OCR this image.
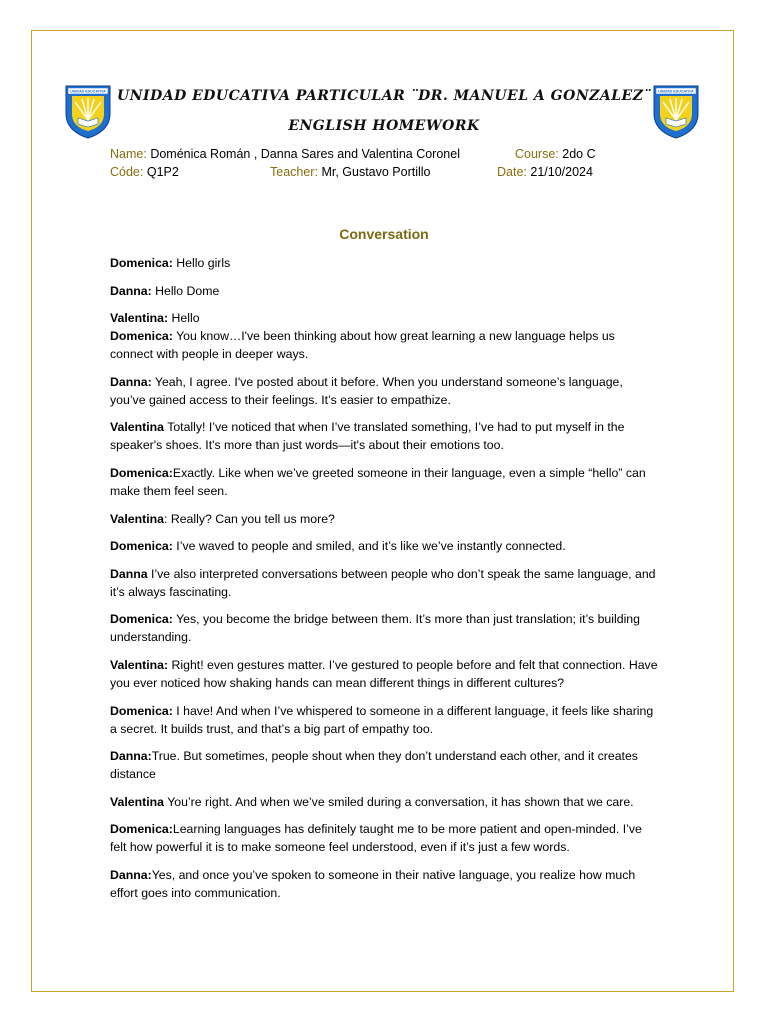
UNIDAD EDUCATIVA	UNIDAD EDUCATIVA
UNIDAD EDUCATIVA PARTICULAR ¨DR. MANUEL A GONZALEZ¨
ENGLISH HOMEWORK
Name: Doménica Román , Danna Sares and Valentina Coronel	Course: 2do C
Códe: Q1P2	Teacher: Mr, Gustavo Portillo	Date: 21/10/2024
Conversation

Domenica: Hello girls

Danna: Hello Dome

Valentina: Hello

Domenica: You know…I've been thinking about how great learning a new language helps us connect with people in deeper ways.

Danna: Yeah, I agree. I've posted about it before. When you understand someone’s language, you’ve gained access to their feelings. It’s easier to empathize.

Valentina Totally! I’ve noticed that when I’ve translated something, I’ve had to put myself in the speaker's shoes. It's more than just words—it's about their emotions too.

Domenica:Exactly. Like when we’ve greeted someone in their language, even a simple “hello” can make them feel seen.

Valentina: Really? Can you tell us more?

Domenica: I’ve waved to people and smiled, and it’s like we’ve instantly connected.

Danna I’ve also interpreted conversations between people who don’t speak the same language, and it’s always fascinating.

Domenica: Yes, you become the bridge between them. It’s more than just translation; it’s building understanding.

Valentina: Right! even gestures matter. I’ve gestured to people before and felt that connection. Have you ever noticed how shaking hands can mean different things in different cultures?

Domenica: I have! And when I’ve whispered to someone in a different language, it feels like sharing a secret. It builds trust, and that’s a big part of empathy too.

Danna:True. But sometimes, people shout when they don’t understand each other, and it creates distance

Valentina You’re right. And when we’ve smiled during a conversation, it has shown that we care.

Domenica:Learning languages has definitely taught me to be more patient and open-minded. I’ve felt how powerful it is to make someone feel understood, even if it’s just a few words.

Danna:Yes, and once you’ve spoken to someone in their native language, you realize how much effort goes into communication.
